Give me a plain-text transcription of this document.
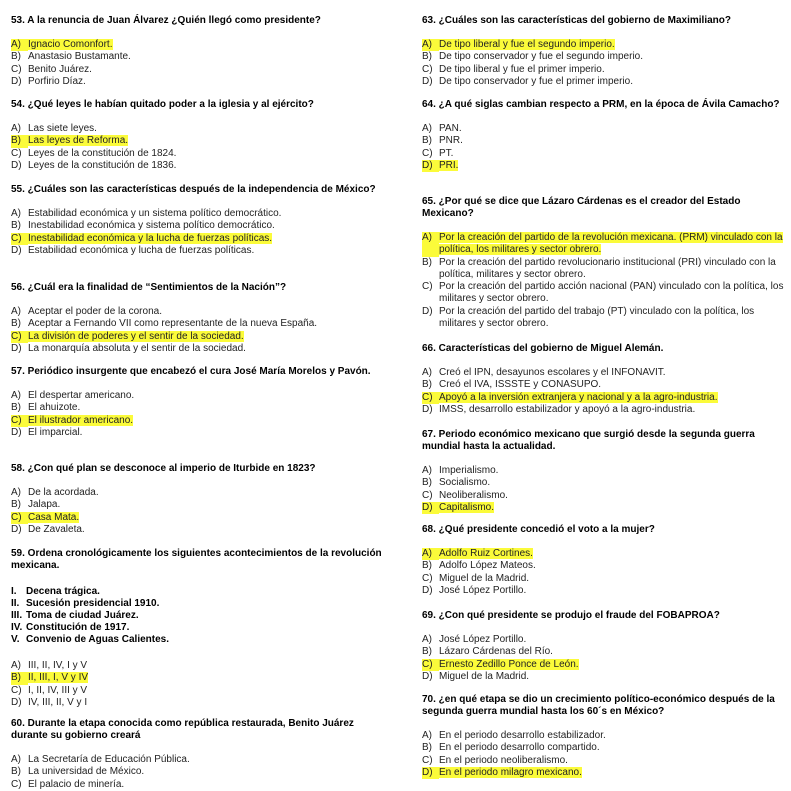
53. A la renuncia de Juan Álvarez ¿Quién llegó como presidente?
A) Ignacio Comonfort.
B) Anastasio Bustamante.
C) Benito Juárez.
D) Porfirio Díaz.
54. ¿Qué leyes le habían quitado poder a la iglesia y al ejército?
A) Las siete leyes.
B) Las leyes de Reforma.
C) Leyes de la constitución de 1824.
D) Leyes de la constitución de 1836.
55. ¿Cuáles son las características después de la independencia de México?
A) Estabilidad económica y un sistema político democrático.
B) Inestabilidad económica y sistema político democrático.
C) Inestabilidad económica y la lucha de fuerzas políticas.
D) Estabilidad económica y lucha de fuerzas políticas.
56. ¿Cuál era la finalidad de “Sentimientos de la Nación”?
A) Aceptar el poder de la corona.
B) Aceptar a Fernando VII como representante de la nueva España.
C) La división de poderes y el sentir de la sociedad.
D) La monarquía absoluta y el sentir de la sociedad.
57. Periódico insurgente que encabezó el cura José María Morelos y Pavón.
A) El despertar americano.
B) El ahuizote.
C) El ilustrador americano.
D) El imparcial.
58. ¿Con qué plan se desconoce al imperio de Iturbide en 1823?
A) De la acordada.
B) Jalapa.
C) Casa Mata.
D) De Zavaleta.
59. Ordena cronológicamente los siguientes acontecimientos de la revolución mexicana.
I. Decena trágica.
II. Sucesión presidencial 1910.
III. Toma de ciudad Juárez.
IV. Constitución de 1917.
V. Convenio de Aguas Calientes.
A) III, II, IV, I y V
B) II, III, I, V y IV
C) I, II, IV, III y V
D) IV, III, II, V y I
60. Durante la etapa conocida como república restaurada, Benito Juárez durante su gobierno creará
A) La Secretaría de Educación Pública.
B) La universidad de México.
C) El palacio de minería.
63. ¿Cuáles son las características del gobierno de Maximiliano?
A) De tipo liberal y fue el segundo imperio.
B) De tipo conservador y fue el segundo imperio.
C) De tipo liberal y fue el primer imperio.
D) De tipo conservador y fue el primer imperio.
64. ¿A qué siglas cambian respecto a PRM, en la época de Ávila Camacho?
A) PAN.
B) PNR.
C) PT.
D) PRI.
65. ¿Por qué se dice que Lázaro Cárdenas es el creador del Estado Mexicano?
A) Por la creación del partido de la revolución mexicana. (PRM) vinculado con la política, los militares y sector obrero.
B) Por la creación del partido revolucionario institucional (PRI) vinculado con la política, militares y sector obrero.
C) Por la creación del partido acción nacional (PAN) vinculado con la política, los militares y sector obrero.
D) Por la creación del partido del trabajo (PT) vinculado con la política, los militares y sector obrero.
66. Características del gobierno de Miguel Alemán.
A) Creó el IPN, desayunos escolares y el INFONAVIT.
B) Creó el IVA, ISSSTE y CONASUPO.
C) Apoyó a la inversión extranjera y nacional y a la agro-industria.
D) IMSS, desarrollo estabilizador y apoyó a la agro-industria.
67. Periodo económico mexicano que surgió desde la segunda guerra mundial hasta la actualidad.
A) Imperialismo.
B) Socialismo.
C) Neoliberalismo.
D) Capitalismo.
68. ¿Qué presidente concedió el voto a la mujer?
A) Adolfo Ruiz Cortines.
B) Adolfo López Mateos.
C) Miguel de la Madrid.
D) José López Portillo.
69. ¿Con qué presidente se produjo el fraude del FOBAPROA?
A) José López Portillo.
B) Lázaro Cárdenas del Río.
C) Ernesto Zedillo Ponce de León.
D) Miguel de la Madrid.
70. ¿en qué etapa se dio un crecimiento político-económico después de la segunda guerra mundial hasta los 60´s en México?
A) En el periodo desarrollo estabilizador.
B) En el periodo desarrollo compartido.
C) En el periodo neoliberalismo.
D) En el periodo milagro mexicano.
